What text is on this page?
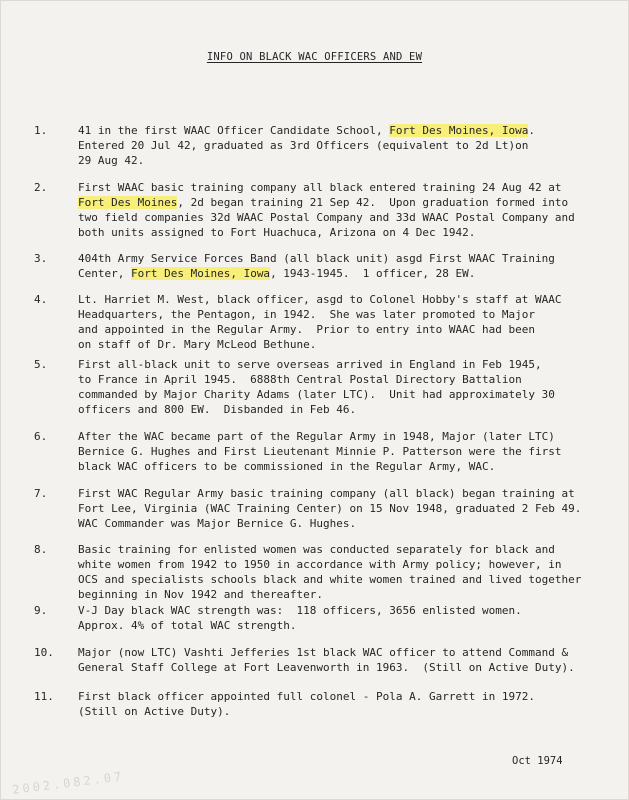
INFO ON BLACK WAC OFFICERS AND EW
1.	41 in the first WAAC Officer Candidate School, Fort Des Moines, Iowa.
Entered 20 Jul 42, graduated as 3rd Officers (equivalent to 2d Lt)on
29 Aug 42.
2.	First WAAC basic training company all black entered training 24 Aug 42 at
Fort Des Moines, 2d began training 21 Sep 42.  Upon graduation formed into
two field companies 32d WAAC Postal Company and 33d WAAC Postal Company and
both units assigned to Fort Huachuca, Arizona on 4 Dec 1942.
3.	404th Army Service Forces Band (all black unit) asgd First WAAC Training
Center, Fort Des Moines, Iowa, 1943-1945.  1 officer, 28 EW.
4.	Lt. Harriet M. West, black officer, asgd to Colonel Hobby's staff at WAAC
Headquarters, the Pentagon, in 1942.  She was later promoted to Major
and appointed in the Regular Army.  Prior to entry into WAAC had been
on staff of Dr. Mary McLeod Bethune.
5.	First all-black unit to serve overseas arrived in England in Feb 1945,
to France in April 1945.  6888th Central Postal Directory Battalion
commanded by Major Charity Adams (later LTC).  Unit had approximately 30
officers and 800 EW.  Disbanded in Feb 46.
6.	After the WAC became part of the Regular Army in 1948, Major (later LTC)
Bernice G. Hughes and First Lieutenant Minnie P. Patterson were the first
black WAC officers to be commissioned in the Regular Army, WAC.
7.	First WAC Regular Army basic training company (all black) began training at
Fort Lee, Virginia (WAC Training Center) on 15 Nov 1948, graduated 2 Feb 49.
WAC Commander was Major Bernice G. Hughes.
8.	Basic training for enlisted women was conducted separately for black and
white women from 1942 to 1950 in accordance with Army policy; however, in
OCS and specialists schools black and white women trained and lived together
beginning in Nov 1942 and thereafter.
9.	V-J Day black WAC strength was:  118 officers, 3656 enlisted women.
Approx. 4% of total WAC strength.
10.	Major (now LTC) Vashti Jefferies 1st black WAC officer to attend Command &
General Staff College at Fort Leavenworth in 1963.  (Still on Active Duty).
11.	First black officer appointed full colonel - Pola A. Garrett in 1972.
(Still on Active Duty).
Oct 1974
2002.082.07
